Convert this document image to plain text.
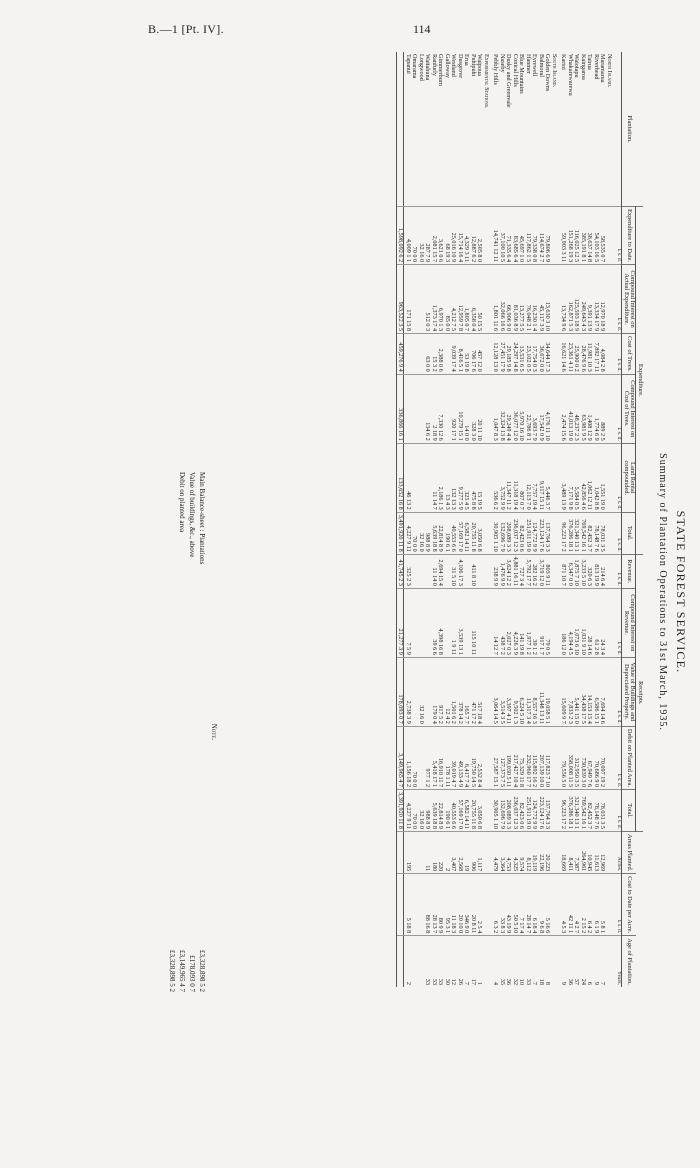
B.—1 [Pt. IV].	114
STATE FOREST SERVICE.
Summary of Plantation Operations to 31st March, 1935.
	Expenditure.						Receipts.							
Plantation.	Expenditure to Date.	Compound Interest on Actual Expenditure.	Cost of Trees.	Compound Interest on Cost of Trees.	Land Rental compounded.	Total.	Revenue.	Compound Interest on Revenue.	Value of Buildings and Depreciated Property.	Debit on Planted Area.	Total.	Areas Planted.	Cost to Date per Acre.	Age of Plantation.
	£ s. d.	£ s. d.	£ s. d.	£ s. d.	£ s. d.	£ s. d.	£ s. d.	£ s. d.	£ s. d.	£ s. d.	£ s. d.	Acres.	£ s. d.	Years.
North Island.														
Maramarua	58,535 0 7	12,970 18 9	4,084 2 8	889 2 5	1,551 19 0	78,031 3 5	214 6 4	24 3 4	7,694 14 6	70,097 19 2	78,031 3 5	12,969	5 8 1	7
Riverhead	54,103 16 5	13,334 17 9	7,892 17 11	1,774 6 9	1,042 8 8	78,148 7 6	813 19 9	61 2 8	6,586 15 1	70,686 9 0	78,148 7 6	11,613	6 1 9	9
Tairua	38,637 14 8	9,391 13 9	11,981 10 3	1,408 12 9	1,062 12 11	82,452 3 7	320 6 3	28 14 6	14,153 15 4	67,949 7 6	82,452 3 7	10,945	6 4 2	6
Kaingaroa	385,191 8 1	249,643 4 3	28,476 9 6	63,981 9 5	42,856 4 6	769,542 16 1	3,233 5 10	1,031 9 10	34,438 17 5	730,839 3 0	769,542 16 1	264,961	2 15 2	24
Waiotapu	116,025 12 5	125,593 18 9	25,900 0 2	48,237 2 3	5,584 0 5	321,340 13 1	1,875 7 10	1,073 6 10	5,441 15 0	312,950 3 5	321,340 13 1	7,387	4 2 7	37
Whakarewarewa	151,268 19 3	162,871 5 3	23,361 4 11	41,013 19 0	7,171 9 8	376,286 18 1	6,347 0 0	4,194 4 5	7,833 2 3	358,008 11 5	376,286 18 1	8,411	42 11 1	36
Karioi	59,903 3 11	13,734 9 6	16,621 14 6	2,474 15 6	3,489 13 9	96,223 17 2	871 10 7	186 12 0	15,609 9 7	79,556 5 0	96,223 17 2	18,669	4 5 3	9
South Island.														
Golden Downs	79,806 6 9	13,630 3 10	34,644 17 3	4,176 11 10	5,446 3 7	137,764 3 3	803 9 11	79 0 5	19,058 5 1	117,823 7 10	137,764 3 3	20,223	5 16 6	8
Balmoral	114,674 2 7	45,117 3 9	36,672 0 0	17,542 0 9	9,117 15 11	223,124 17 6	3,719 12 0	917 1 7	11,348 13 11	207,139 10 0	223,124 17 6	22,196	9 6 8	18
Eyrewell	79,338 0 8	16,230 1 4	17,754 0 3	3,693 7 9	7,757 19 4	124,772 9 9	282 16 2	39 1 2	8,557 16 3	115,892 16 2	124,772 9 9	19,119	6 18 4	7
Hanmer	117,862 1 5	76,048 2 1	23,102 0 5	22,786 8 1	12,113 7 0	251,911 19 0	5,792 17 7	1,977 1 2	11,317 3 4	232,960 17 7	251,911 19 0	8,112	28 14 7	33
Blue Mountains	45,697 1 0	13,277 5 5	13,531 6 5	5,970 16 10	807 0 7	82,423 0 6	727 3 4	141 19 8	6,224 5 10	75,329 11 8	82,423 0 6	9,574	7 17 4	10
Conical Hills	83,685 6 4	81,036 8 9	24,297 14 8	36,077 12 0	11,318 19 4	236,037 12 3	4,881 16 11	4,226 3 9	9,502 1 3	217,427 10 4	236,037 12 3	4,325	50 5 10	32
Dusky and Greenvale	71,335 6 4	66,906 9 0	29,185 9 8	29,249 4 4	11,347 11 2	208,089 3 3	3,624 12 2	2,027 0 3	3,397 4 11	199,030 5 11	208,089 3 3	4,753	43 19 9	36
Naseby	37,100 10 5	32,066 16 6	27,451 17 9	32,324 13 8	3,752 9 9	132,696 7 9	1,476 9 9	438 7 2	3,514 3 5	127,373 7 5	132,696 7 9	3,364	33 8 3	35
Pebbly Hills	14,741 12 11	1,801 11 6	12,128 13 0	1,047 8 3	536 6 2	30,905 1 10	238 9 9	14 12 7	3,064 14 5	27,587 15 1	30,905 1 10	4,479	6 3 2	4
Experimental Stations.														
Waipoua	2,505 8 0	50 15 5	457 12 0	20 11 10	15 19 5	3,050 6 8			517 18 4	2,532 8 4	3,050 6 8	1,117	2 5 4	1
Puhipuhi	12,887 6 2	6,358 0 4	706 17 6	328 3 0	475 8 8	20,755 11 8	411 8 10	115 10 11	471 17 2	19,750 14 5	20,755 11 8	906	20 8 11	17
Erua	4,329 3 11	1,805 0 7	53 19 8	14 0 0	325 4 5	6,582 14 11			165 7 7	6,417 7 4	6,582 14 11	19	346 9 0	7
Dusgrove	15,714 16 4	12,959 7 8	8,416 5 1	10,279 15 1	9,277 5 9	57,169 17 0	4,106 17 3	3,539 13 1	378 14 2	49,133 4 9	57,169 17 0	2,568	20 10 0	26
Westland	25,016 10 9	4,212 7 5	9,039 17 4	920 17 1	132 13 3	40,553 6 6	31 5 10	1 9 11	1,501 6 2	39,019 4 7	40,553 6 6	3,407	11 18 3	12
Galloway	68 19 3	85 0 0			13 4 3	190 6 1			12 4 2	178 1 11	190 6 1	2	95 3 1	30
Gimmerburn	3,621 0 6	6,970 1 3	2,388 0 6	7,330 12 6	2,186 1 3	22,814 8 9	2,694 15 4	4,398 16 8	917 5 2	16,910 11 7	22,814 8 9	220	80 9 9	33
Ranfurly	2,081 15 7	1,373 17 4	15 3 2	2 18 9	11 14 7	5,639 18 8	11 14 0	39 6 6	179 0 4	5,418 17 1	5,639 18 8	180	28 13 7	33
Waitahuna	287 7 9	512 0 3	63 0 0	134 6 2		988 8 9				977 1 2	988 8 9	11	88 16 8	33
Longwood	32 16 0					32 16 0			32 16 0		32 16 0			
Omarama	70 0 0					70 0 0				70 0 0	70 0 0			
Tapanui	4,009 1 1	171 15 8			46 13 2	4,227 9 11	325 2 3	7 5 9	2,738 3 9	1,156 18 2	4,227 9 11	195	5 18 8	2
	1,598,092 6 2	963,522 3 5	459,276 9 4	336,866 16 1	133,652 16 8	3,491,920 11 8	41,745 2 3	21,277 3 9	178,093 0 7	3,149,965 4 7	3,391,920 11 8			
Note.
Main Balance-sheet : Plantations
£3,328,898 5 2
Value of buildings, &c., above
£178,093 0 7
Debit on planted area
£3,149,965 4 7
£3,328,898 5 2
